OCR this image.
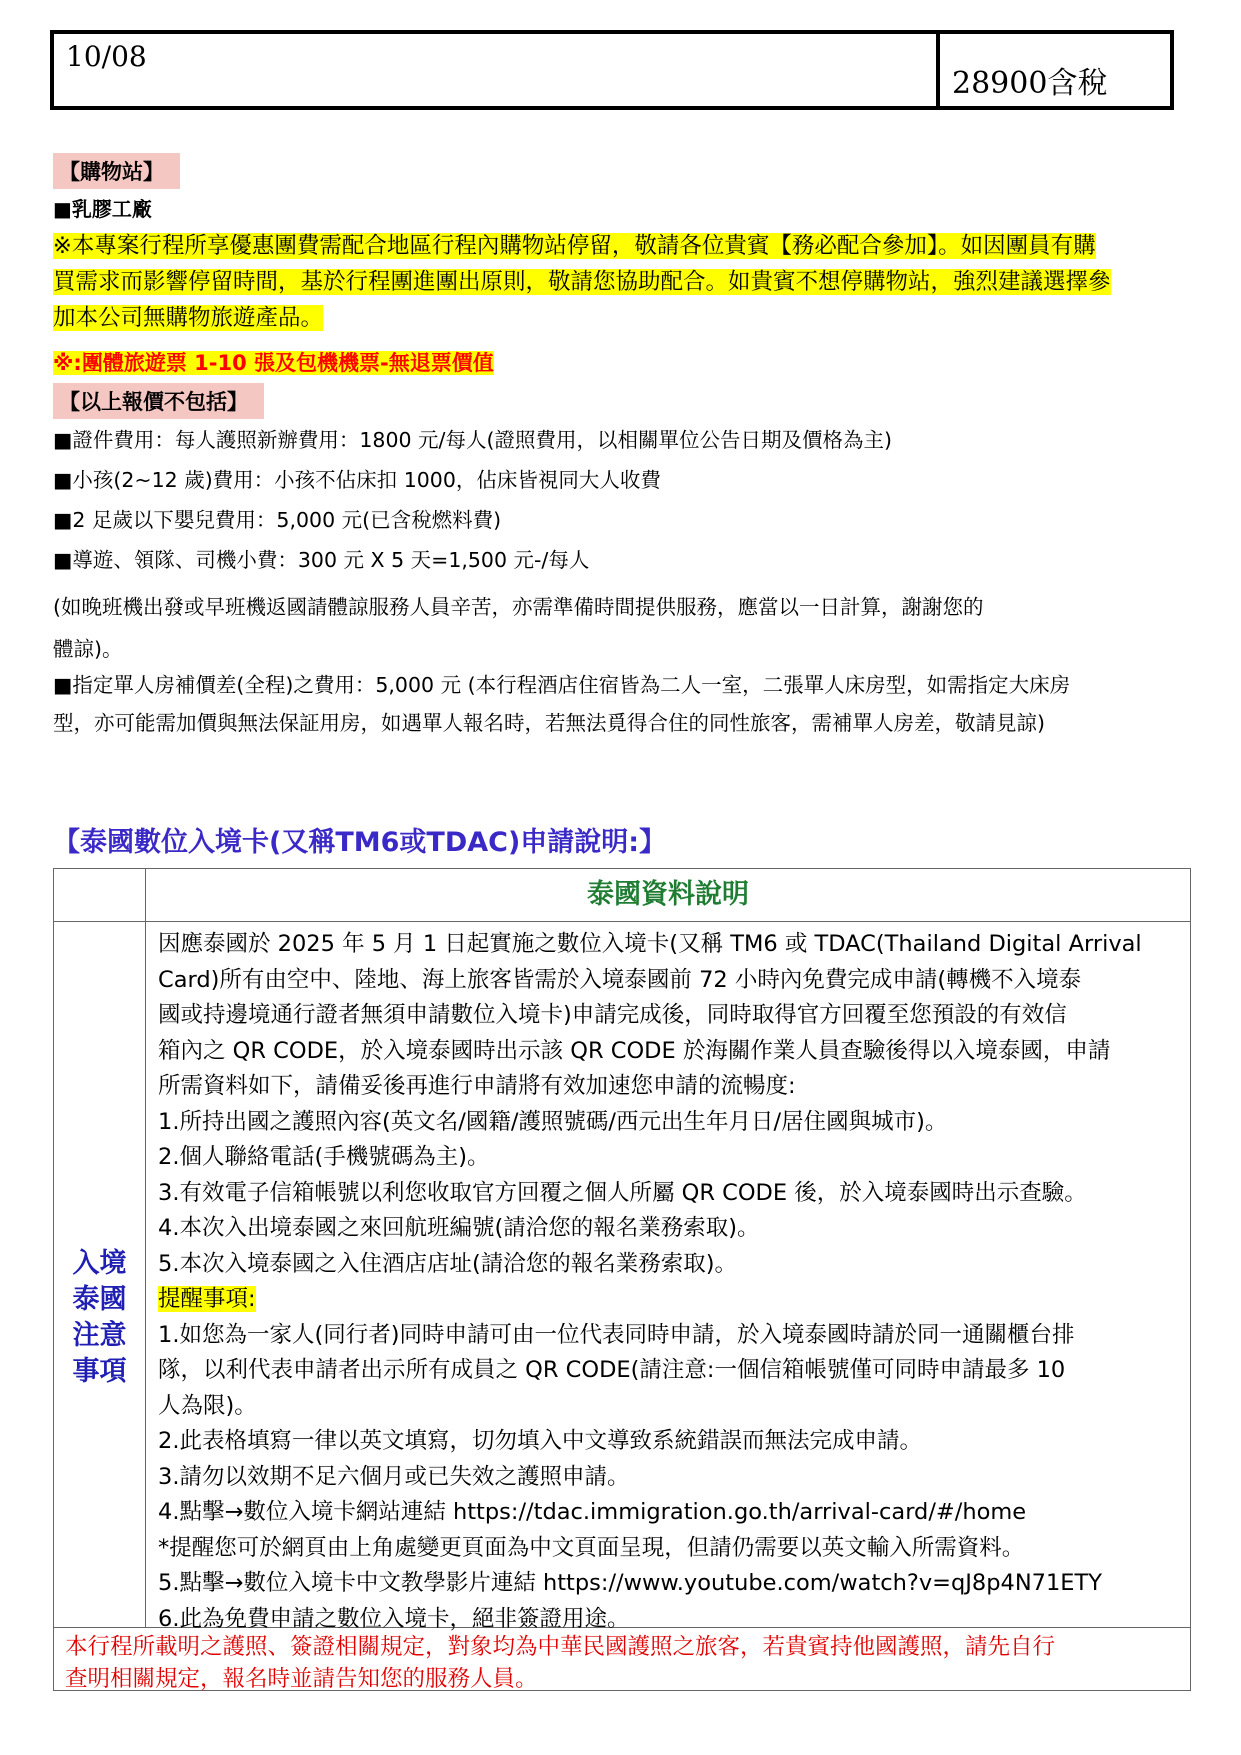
10/08
28900含稅
【購物站】
■乳膠工廠
※本專案行程所享優惠團費需配合地區行程內購物站停留，敬請各位貴賓【務必配合參加】。如因團員有購
買需求而影響停留時間，基於行程團進團出原則，敬請您協助配合。如貴賓不想停購物站，強烈建議選擇參
加本公司無購物旅遊產品。
※:團體旅遊票 1-10 張及包機機票-無退票價值
【以上報價不包括】
■證件費用：每人護照新辦費用：1800 元/每人(證照費用，以相關單位公告日期及價格為主)
■小孩(2~12 歲)費用：小孩不佔床扣 1000，佔床皆視同大人收費
■2 足歲以下嬰兒費用：5,000 元(已含稅燃料費)
■導遊、領隊、司機小費：300 元 X 5 天=1,500 元-/每人
(如晚班機出發或早班機返國請體諒服務人員辛苦，亦需準備時間提供服務，應當以一日計算，謝謝您的
體諒)。
■指定單人房補價差(全程)之費用：5,000 元 (本行程酒店住宿皆為二人一室，二張單人床房型，如需指定大床房
型，亦可能需加價與無法保証用房，如遇單人報名時，若無法覓得合住的同性旅客，需補單人房差，敬請見諒)
【泰國數位入境卡(又稱TM6或TDAC)申請說明:】
泰國資料說明
入境
泰國
注意
事項
因應泰國於 2025 年 5 月 1 日起實施之數位入境卡(又稱 TM6 或 TDAC(Thailand Digital Arrival
Card)所有由空中、陸地、海上旅客皆需於入境泰國前 72 小時內免費完成申請(轉機不入境泰
國或持邊境通行證者無須申請數位入境卡)申請完成後，同時取得官方回覆至您預設的有效信
箱內之 QR CODE，於入境泰國時出示該 QR CODE 於海關作業人員查驗後得以入境泰國，申請
所需資料如下，請備妥後再進行申請將有效加速您申請的流暢度:
1.所持出國之護照內容(英文名/國籍/護照號碼/西元出生年月日/居住國與城市)。
2.個人聯絡電話(手機號碼為主)。
3.有效電子信箱帳號以利您收取官方回覆之個人所屬 QR CODE 後，於入境泰國時出示查驗。
4.本次入出境泰國之來回航班編號(請洽您的報名業務索取)。
5.本次入境泰國之入住酒店店址(請洽您的報名業務索取)。
提醒事項:
1.如您為一家人(同行者)同時申請可由一位代表同時申請，於入境泰國時請於同一通關櫃台排
隊，以利代表申請者出示所有成員之 QR CODE(請注意:一個信箱帳號僅可同時申請最多 10
人為限)。
2.此表格填寫一律以英文填寫，切勿填入中文導致系統錯誤而無法完成申請。
3.請勿以效期不足六個月或已失效之護照申請。
4.點擊→數位入境卡網站連結 https://tdac.immigration.go.th/arrival-card/#/home
*提醒您可於網頁由上角處變更頁面為中文頁面呈現，但請仍需要以英文輸入所需資料。
5.點擊→數位入境卡中文教學影片連結 https://www.youtube.com/watch?v=qJ8p4N71ETY
6.此為免費申請之數位入境卡，絕非簽證用途。
本行程所載明之護照、簽證相關規定，對象均為中華民國護照之旅客，若貴賓持他國護照，請先自行
查明相關規定，報名時並請告知您的服務人員。
